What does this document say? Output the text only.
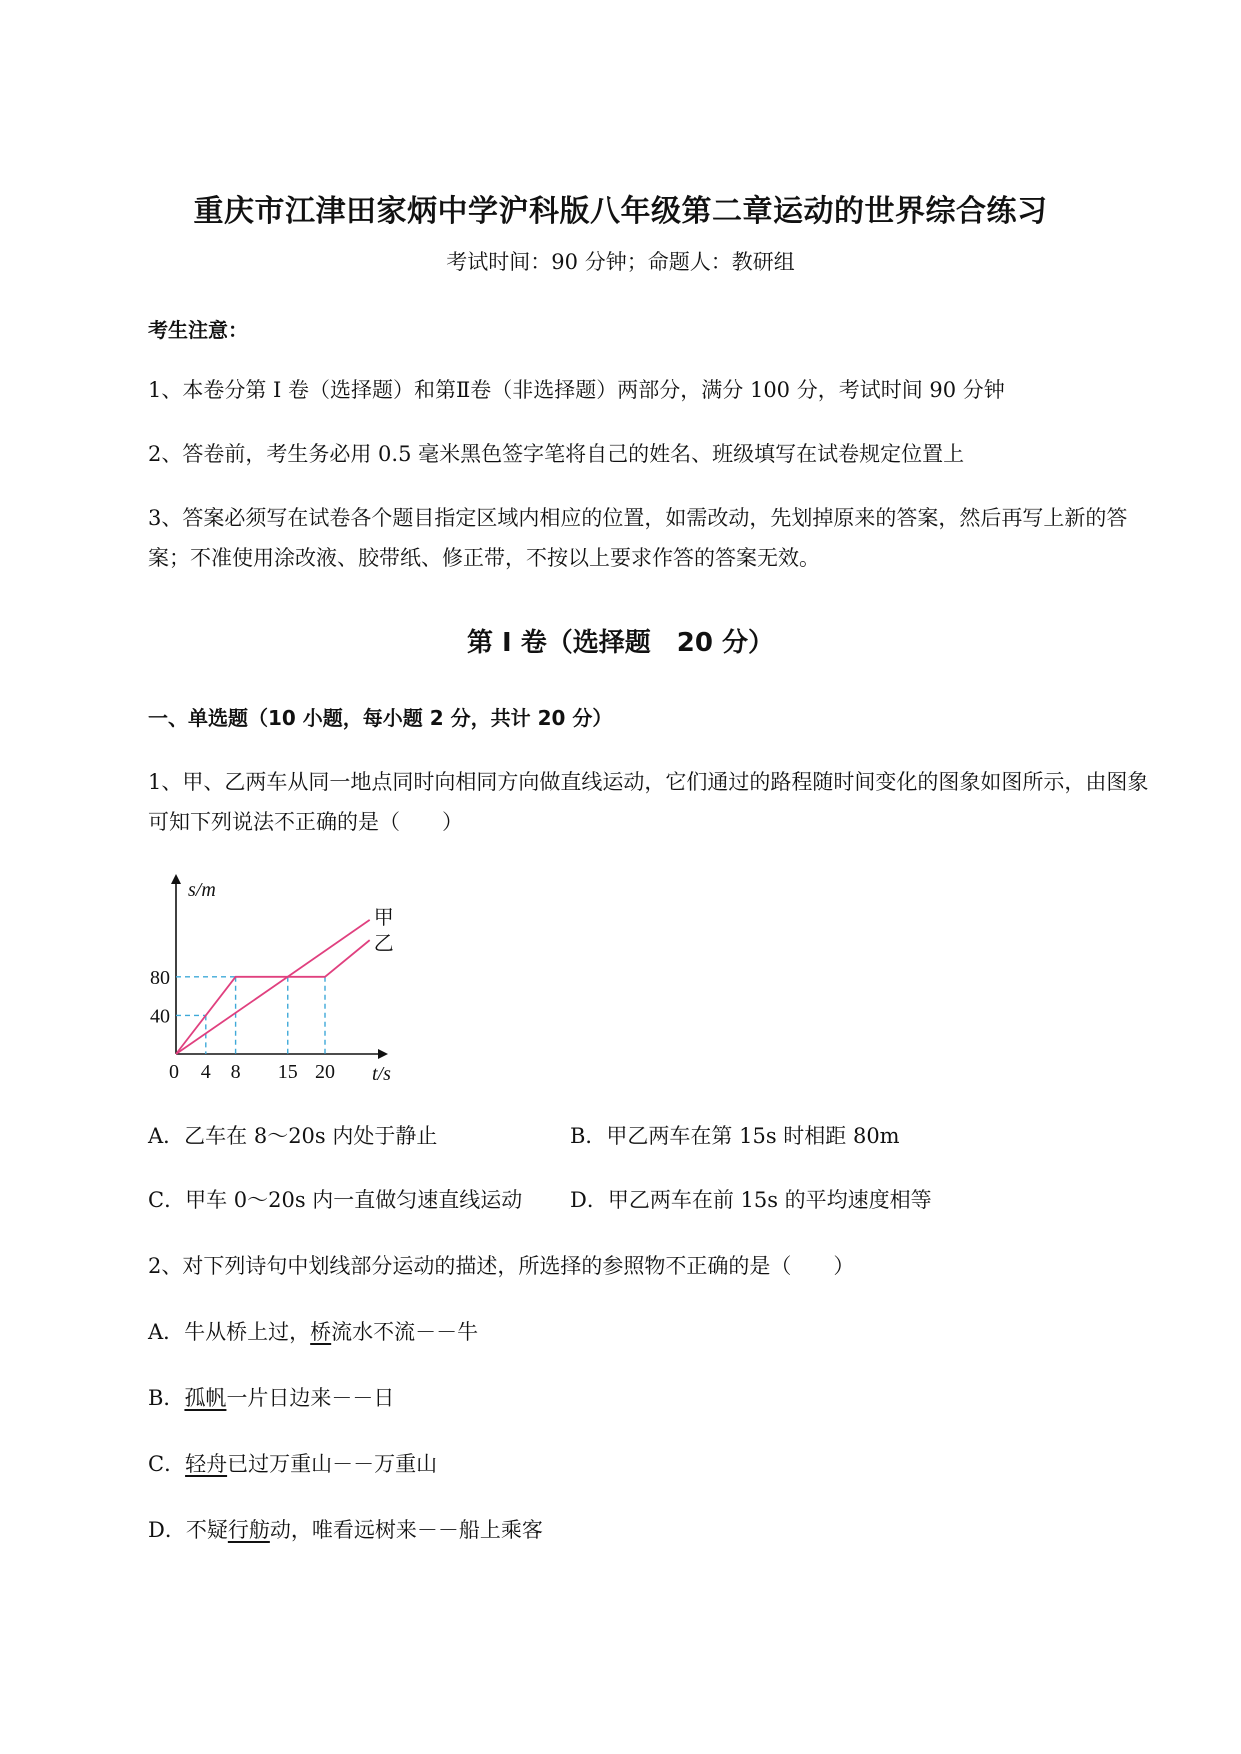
重庆市江津田家炳中学沪科版八年级第二章运动的世界综合练习
考试时间：90 分钟；命题人：教研组
考生注意：
1、本卷分第 I 卷（选择题）和第Ⅱ卷（非选择题）两部分，满分 100 分，考试时间 90 分钟
2、答卷前，考生务必用 0.5 毫米黑色签字笔将自己的姓名、班级填写在试卷规定位置上
3、答案必须写在试卷各个题目指定区域内相应的位置，如需改动，先划掉原来的答案，然后再写上新的答案；不准使用涂改液、胶带纸、修正带，不按以上要求作答的答案无效。
第 I 卷（选择题　20 分）
一、单选题（10 小题，每小题 2 分，共计 20 分）
1、甲、乙两车从同一地点同时向相同方向做直线运动，它们通过的路程随时间变化的图象如图所示，由图象可知下列说法不正确的是（　　）
甲
乙
0 4 8 15 20
40
80
t/s
s/m
A．乙车在 8～20s 内处于静止	B．甲乙两车在第 15s 时相距 80m
C．甲车 0～20s 内一直做匀速直线运动 D．甲乙两车在前 15s 的平均速度相等
2、对下列诗句中划线部分运动的描述，所选择的参照物不正确的是（　　）
A．牛从桥上过，桥流水不流－－牛
B．孤帆一片日边来－－日
C．轻舟已过万重山－－万重山
D．不疑行舫动，唯看远树来－－船上乘客
